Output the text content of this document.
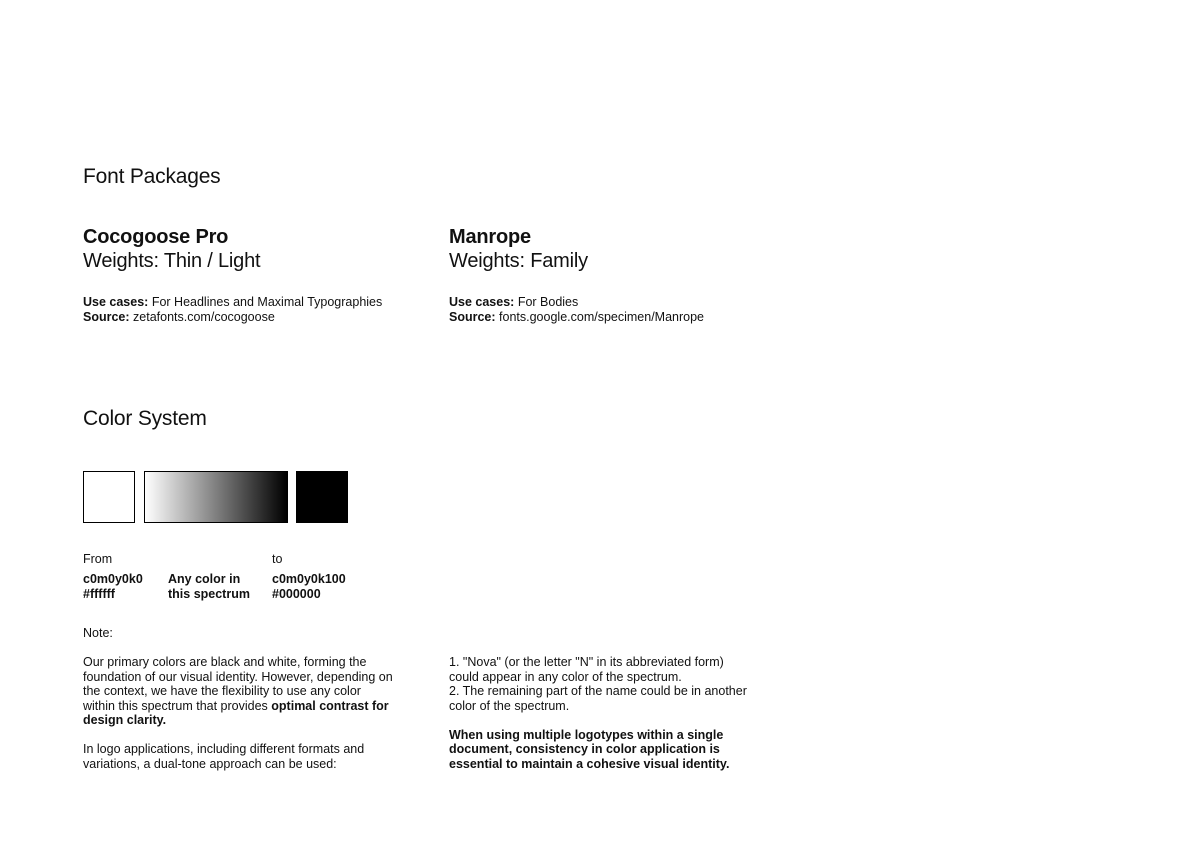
Font Packages
Cocogoose Pro
Weights: Thin / Light
Use cases: For Headlines and Maximal Typographies
Source: zetafonts.com/cocogoose
Manrope
Weights: Family
Use cases: For Bodies
Source: fonts.google.com/specimen/Manrope
Color System
From	to
c0m0y0k0
#ffffff
Any color in
this spectrum
c0m0y0k100
#000000
Note:

Our primary colors are black and white, forming the foundation of our visual identity. However, depending on the context, we have the flexibility to use any color within this spectrum that provides optimal contrast for design clarity.

In logo applications, including different formats and variations, a dual-tone approach can be used:

1. "Nova" (or the letter "N" in its abbreviated form) could appear in any color of the spectrum.

2. The remaining part of the name could be in another color of the spectrum.

When using multiple logotypes within a single document, consistency in color application is essential to maintain a cohesive visual identity.
